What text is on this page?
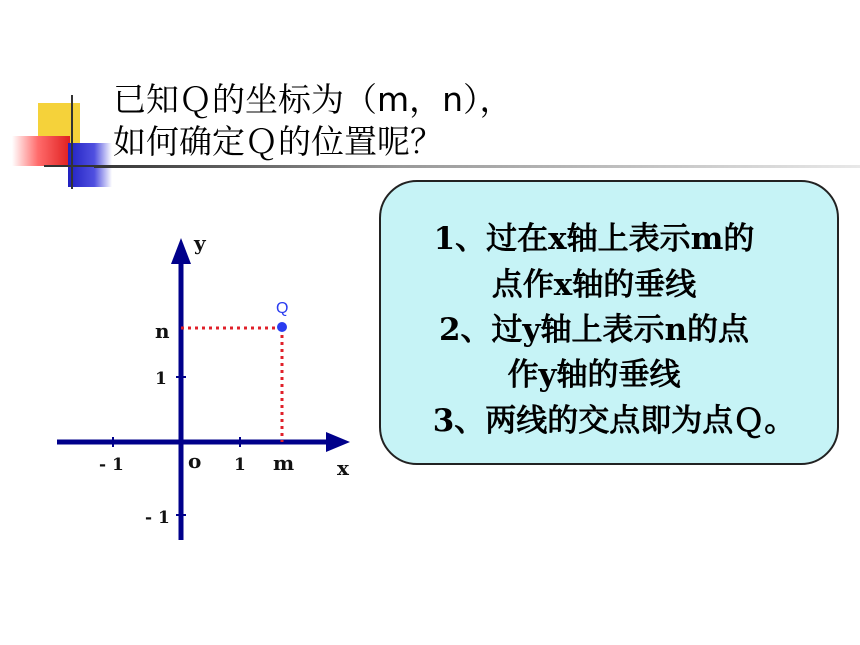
已知Ｑ的坐标为（m，n），
如何确定Ｑ的位置呢？
1、过在x轴上表示m的
点作x轴的垂线
2、过y轴上表示n的点
作y轴的垂线
3、两线的交点即为点Ｑ。
Q
y
x
o
- 1	1 m
n
1
- 1
